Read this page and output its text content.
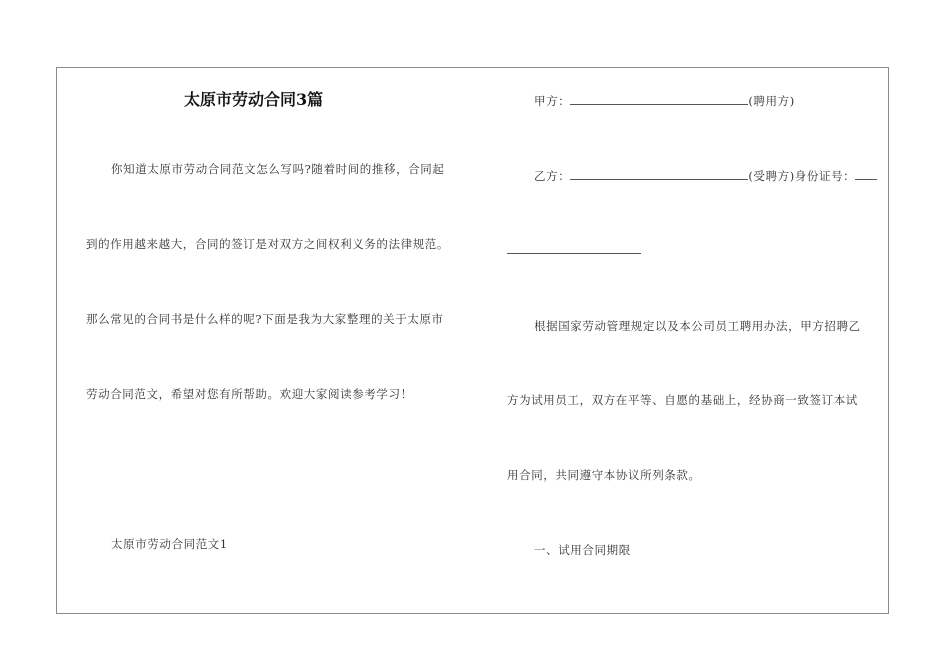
太原市劳动合同3篇
你知道太原市劳动合同范文怎么写吗?随着时间的推移，合同起
到的作用越来越大，合同的签订是对双方之间权利义务的法律规范。
那么常见的合同书是什么样的呢?下面是我为大家整理的关于太原市
劳动合同范文，希望对您有所帮助。欢迎大家阅读参考学习！
太原市劳动合同范文1
甲方：	(聘用方)
乙方：	(受聘方)身份证号：
根据国家劳动管理规定以及本公司员工聘用办法，甲方招聘乙
方为试用员工，双方在平等、自愿的基础上，经协商一致签订本试
用合同，共同遵守本协议所列条款。
一、试用合同期限
